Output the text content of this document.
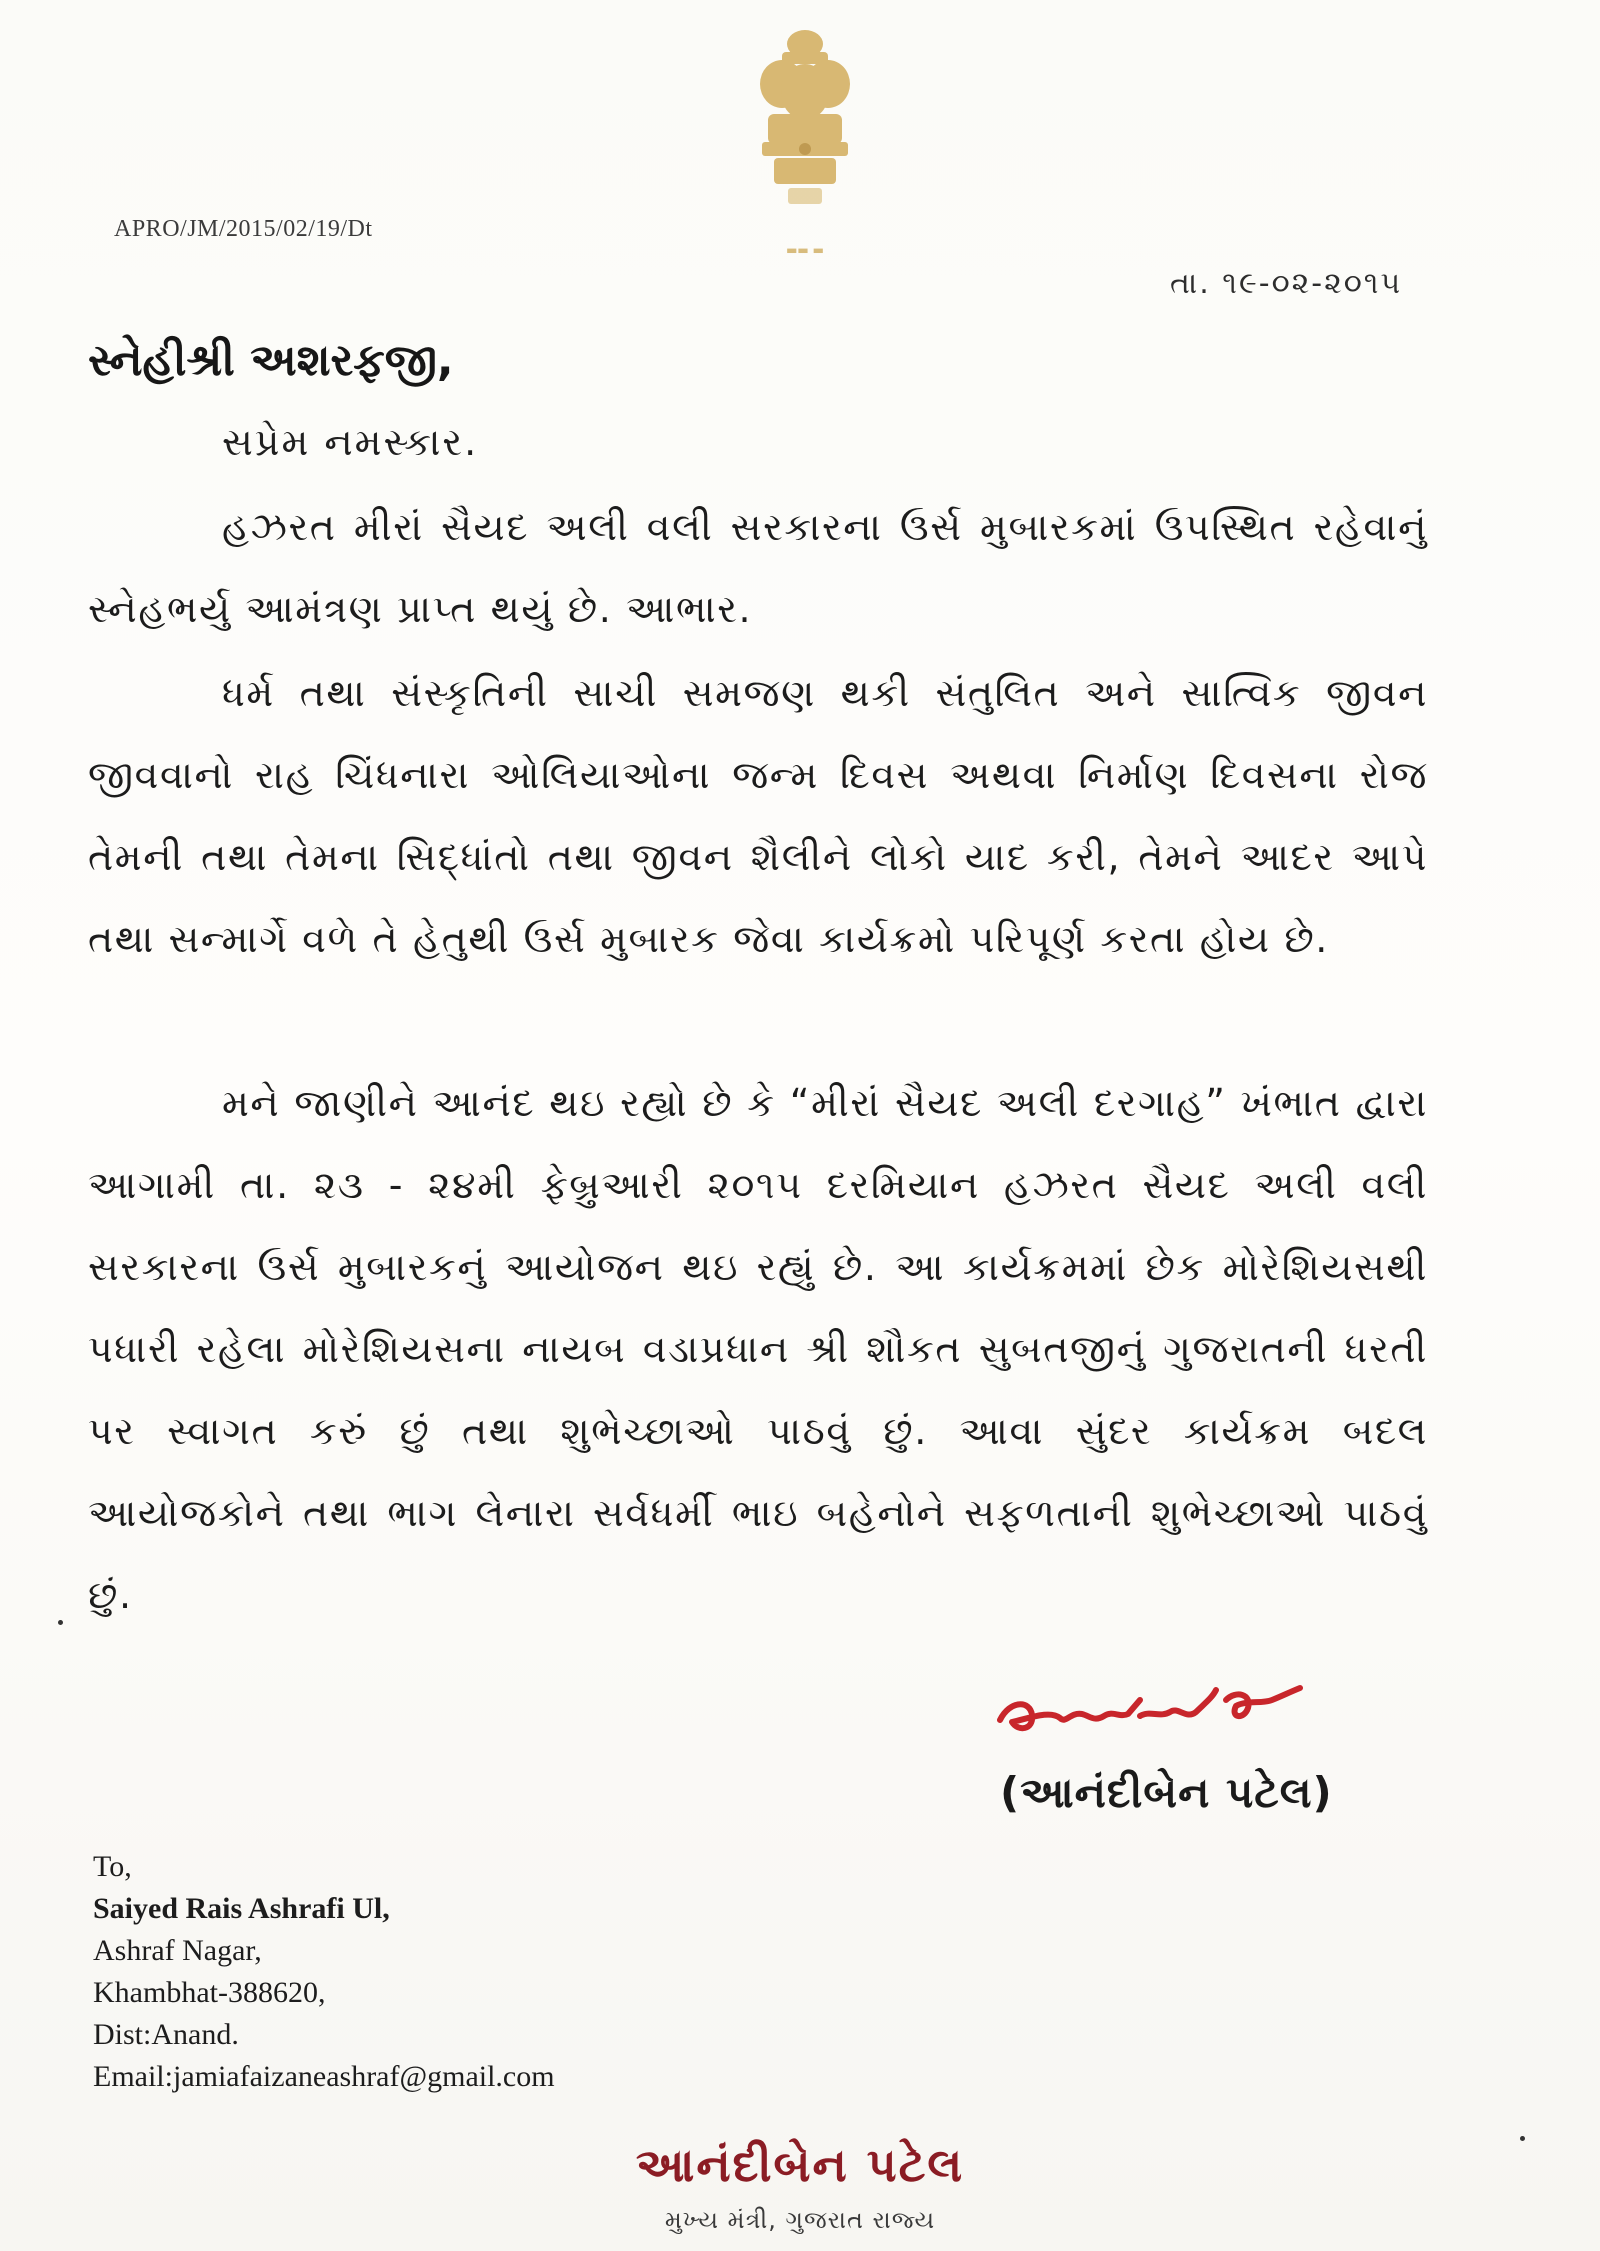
▬▬ ▬
APRO/JM/2015/02/19/Dt
તા. ૧૯-૦૨-૨૦૧૫
સ્નેહીશ્રી અશરફજી,
સપ્રેમ નમસ્કાર.
હઝરત મીરાં સૈયદ અલી વલી સરકારના ઉર્સ મુબારકમાં ઉપસ્થિત રહેવાનું સ્નેહભર્યુ આમંત્રણ પ્રાપ્ત થયું છે. આભાર.
ધર્મ તથા સંસ્કૃતિની સાચી સમજણ થકી સંતુલિત અને સાત્વિક જીવન જીવવાનો રાહ ચિંધનારા ઓલિયાઓના જન્મ દિવસ અથવા નિર્માણ દિવસના રોજ તેમની તથા તેમના સિદ્ધાંતો તથા જીવન શૈલીને લોકો યાદ કરી, તેમને આદર આપે તથા સન્માર્ગે વળે તે હેતુથી ઉર્સ મુબારક જેવા કાર્યક્રમો પરિપૂર્ણ કરતા હોય છે.
મને જાણીને આનંદ થઇ રહ્યો છે કે “મીરાં સૈયદ અલી દરગાહ” ખંભાત દ્વારા આગામી તા. ૨૩ - ૨૪મી ફેબ્રુઆરી ૨૦૧૫ દરમિયાન હઝરત સૈયદ અલી વલી સરકારના ઉર્સ મુબારકનું આયોજન થઇ રહ્યું છે. આ કાર્યક્રમમાં છેક મોરેશિયસથી પધારી રહેલા મોરેશિયસના નાયબ વડાપ્રધાન શ્રી શૌકત સુબતજીનું ગુજરાતની ધરતી પર સ્વાગત કરું છું તથા શુભેચ્છાઓ પાઠવું છું. આવા સુંદર કાર્યક્રમ બદલ આયોજકોને તથા ભાગ લેનારા સર્વધર્મી ભાઇ બહેનોને સફળતાની શુભેચ્છાઓ પાઠવું છું.
(આનંદીબેન પટેલ)
To,
Saiyed Rais Ashrafi Ul,
Ashraf Nagar,
Khambhat-388620,
Dist:Anand.
Email:jamiafaizaneashraf@gmail.com
આનંદીબેન પટેલ
મુખ્ય મંત્રી, ગુજરાત રાજ્ય
